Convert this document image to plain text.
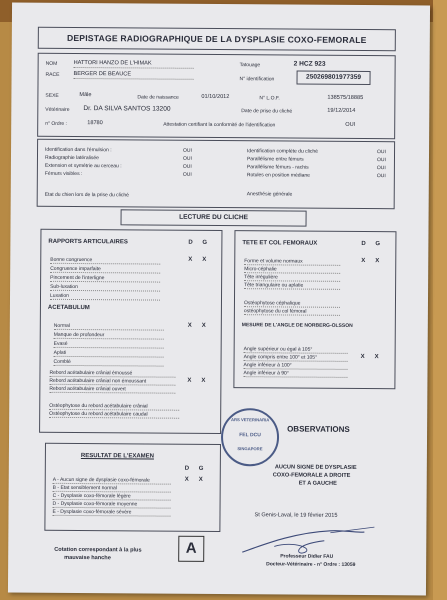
DEPISTAGE RADIOGRAPHIQUE DE LA DYSPLASIE COXO-FEMORALE
NOM	HATTORI HANZO DE L'HIMAK	Tatouage	2 HCZ 923
RACE	BERGER DE BEAUCE
N° identification	250269801977359
SEXE	Mâle	Date de naissance	01/10/2012	N° L.O.F.	138575/18885
Vétérinaire Dr. DA SILVA SANTOS 13200	Date de prise du cliché	19/12/2014
n° Ordre :	18780	Attestation certifiant la conformité de l'identification	OUI
Identification dans l'émulsion :	OUI
Radiographie latéralisée	OUI
Extension et symétrie au cerceau :	OUI
Fémurs visibles :	OUI
Identification complète du cliché	OUI
Parallélisme entre fémurs	OUI
Parallélisme fémurs - rachis	OUI
Rotules en position médiane	OUI
Etat du chien lors de la prise du cliché	Anesthésie générale
LECTURE DU CLICHE
RAPPORTS ARTICULAIRES	D G
Bonne congruence	X X
Congruence imparfaite
Pincement de l'interligne
Sub-luxation
Luxation
ACETABULUM
Normal	X X
Manque de profondeur
Evasé
Aplati
Comblé
Rebord acétabulaire crânial émoussé
Rebord acétabulaire crânial non émoussant	X X
Rebord acétabulaire crânial ouvert
Ostéophytose du rebord acétabulaire crânial
Ostéophytose du rebord acétabulaire caudal
TETE ET COL FEMORAUX	D G
Forme et volume normaux	X X
Micro-céphalie
Tête irrégulière
Tête triangulaire ou aplatie
Ostéophytose céphalique
ostéophytose du col fémoral
Angle supérieur ou égal à 105°
Angle compris entre 100° et 105°	X X
Angle inférieur à 100°
Angle inférieur à 90°
MESURE DE L'ANGLE DE NORBERG-OLSSON
RESULTAT DE L'EXAMEN
D G
A - Aucun signe de dysplasie coxo-fémorale	X X
B - Etat sensiblement normal
C - Dysplasie coxo-fémorale légère
D - Dysplasie coxo-fémorale moyenne
E - Dysplasie coxo-fémorale sévère
Cotation correspondant à la plus
mauvaise hanche
A
ARS VETERINARIA
FEL DCU
SINGAPORE
OBSERVATIONS
AUCUN SIGNE DE DYSPLASIE
COXO-FEMORALE A DROITE
ET A GAUCHE
St Genis-Laval, le 19 février 2015
Professeur Didier FAU
Docteur-Vétérinaire - n° Ordre : 13059
